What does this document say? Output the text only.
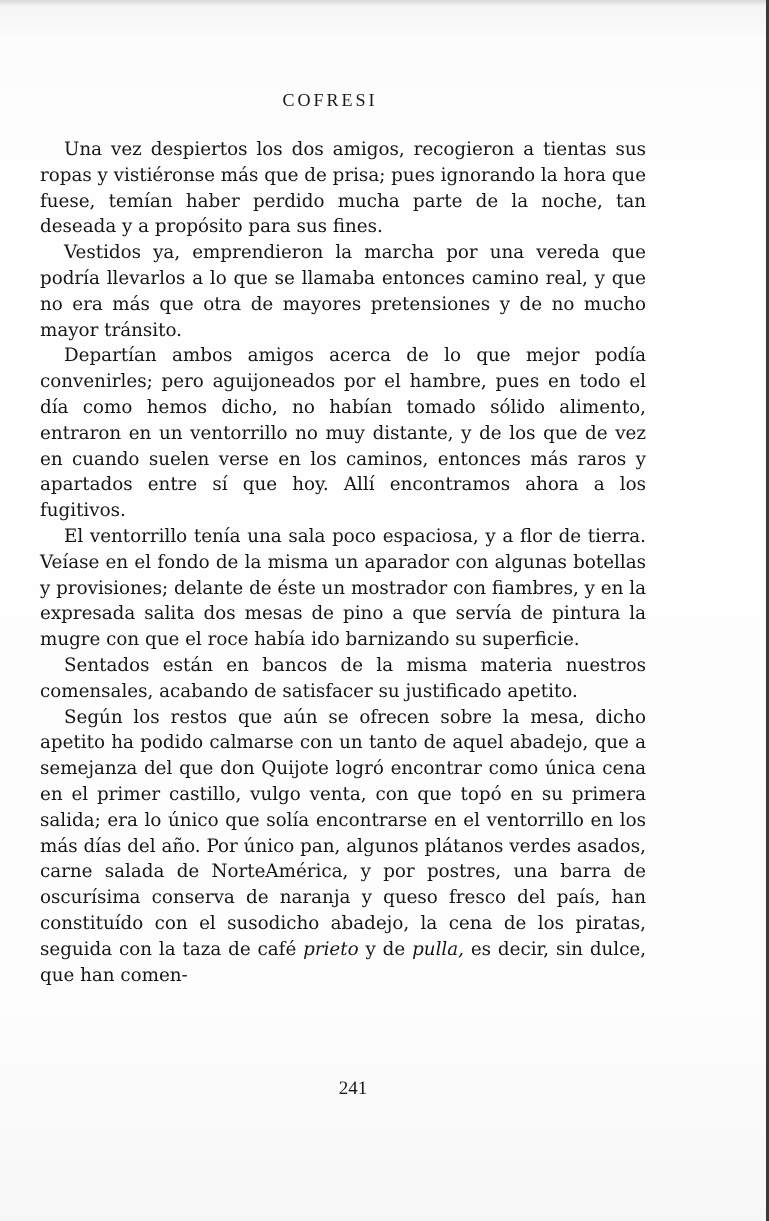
COFRESI

Una vez despiertos los dos amigos, recogieron a tientas sus ropas y vistiéronse más que de prisa; pues ignorando la hora que fuese, temían haber perdido mucha parte de la noche, tan deseada y a propósito para sus fines.

Vestidos ya, emprendieron la marcha por una vereda que podría llevarlos a lo que se llamaba entonces camino real, y que no era más que otra de mayores pretensiones y de no mucho mayor tránsito.

Departían ambos amigos acerca de lo que mejor podía convenirles; pero aguijoneados por el hambre, pues en todo el día como hemos dicho, no habían tomado sólido alimento, entraron en un ventorrillo no muy distante, y de los que de vez en cuando suelen verse en los caminos, entonces más raros y apartados entre sí que hoy. Allí encontramos ahora a los fugitivos.

El ventorrillo tenía una sala poco espaciosa, y a flor de tierra. Veíase en el fondo de la misma un aparador con algunas botellas y provisiones; delante de éste un mostrador con fiambres, y en la expresada salita dos mesas de pino a que servía de pintura la mugre con que el roce había ido barnizando su superficie.

Sentados están en bancos de la misma materia nuestros comensales, acabando de satisfacer su justificado apetito.

Según los restos que aún se ofrecen sobre la mesa, dicho apetito ha podido calmarse con un tanto de aquel abadejo, que a semejanza del que don Quijote logró encontrar como única cena en el primer castillo, vulgo venta, con que topó en su primera salida; era lo único que solía encontrarse en el ventorrillo en los más días del año. Por único pan, algunos plátanos verdes asados, carne salada de NorteAmérica, y por postres, una barra de oscurísima conserva de naranja y queso fresco del país, han constituído con el susodicho abadejo, la cena de los piratas, seguida con la taza de café prieto y de pulla, es decir, sin dulce, que han comen-

241
